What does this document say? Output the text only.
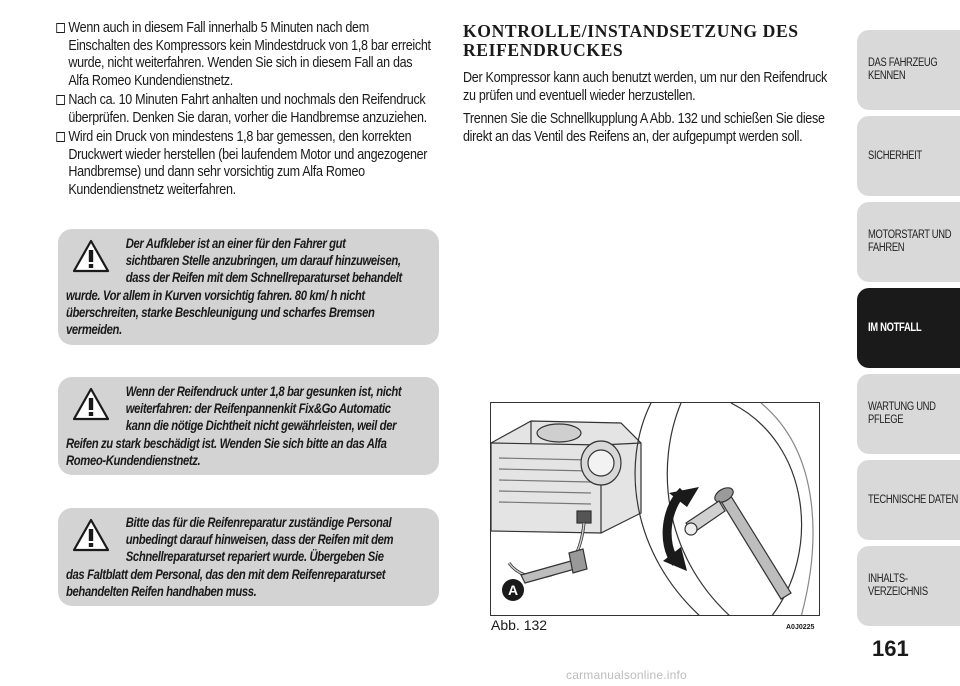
Wenn auch in diesem Fall innerhalb 5 Minuten nach dem
Einschalten des Kompressors kein Mindestdruck von 1,8 bar erreicht
wurde, nicht weiterfahren. Wenden Sie sich in diesem Fall an das
Alfa Romeo Kundendienstnetz.
Nach ca. 10 Minuten Fahrt anhalten und nochmals den Reifendruck
überprüfen. Denken Sie daran, vorher die Handbremse anzuziehen.
Wird ein Druck von mindestens 1,8 bar gemessen, den korrekten
Druckwert wieder herstellen (bei laufendem Motor und angezogener
Handbremse) und dann sehr vorsichtig zum Alfa Romeo
Kundendienstnetz weiterfahren.
Der Aufkleber ist an einer für den Fahrer gut
sichtbaren Stelle anzubringen, um darauf hinzuweisen,
dass der Reifen mit dem Schnellreparaturset behandelt
wurde. Vor allem in Kurven vorsichtig fahren. 80 km/ h nicht
überschreiten, starke Beschleunigung und scharfes Bremsen
vermeiden.
Wenn der Reifendruck unter 1,8 bar gesunken ist, nicht
weiterfahren: der Reifenpannenkit Fix&Go Automatic
kann die nötige Dichtheit nicht gewährleisten, weil der
Reifen zu stark beschädigt ist. Wenden Sie sich bitte an das Alfa
Romeo-Kundendienstnetz.
Bitte das für die Reifenreparatur zuständige Personal
unbedingt darauf hinweisen, dass der Reifen mit dem
Schnellreparaturset repariert wurde. Übergeben Sie
das Faltblatt dem Personal, das den mit dem Reifenreparaturset
behandelten Reifen handhaben muss.
KONTROLLE/INSTANDSETZUNG DES
REIFENDRUCKES
Der Kompressor kann auch benutzt werden, um nur den Reifendruck
zu prüfen und eventuell wieder herzustellen.
Trennen Sie die Schnellkupplung A Abb. 132 und schießen Sie diese
direkt an das Ventil des Reifens an, der aufgepumpt werden soll.
A
Abb. 132	A0J0225
DAS FAHRZEUG
KENNEN
SICHERHEIT
MOTORSTART UND
FAHREN
IM NOTFALL
WARTUNG UND
PFLEGE
TECHNISCHE DATEN
INHALTS-
VERZEICHNIS
161
carmanualsonline.info
